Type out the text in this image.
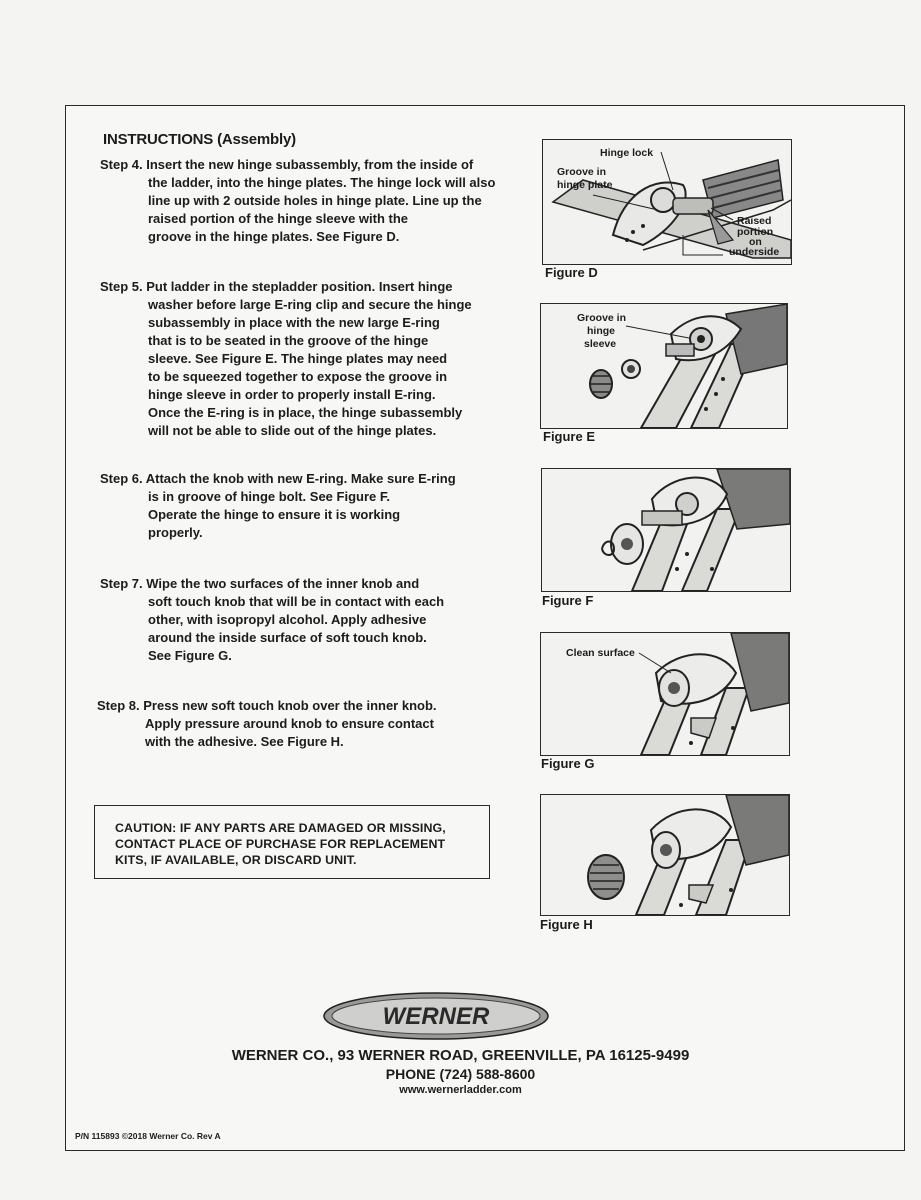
INSTRUCTIONS (Assembly)
Step 4. Insert the new hinge subassembly, from the inside of
the ladder, into the hinge plates. The hinge lock will also
line up with 2 outside holes in hinge plate. Line up the
raised portion of the hinge sleeve with the
groove in the hinge plates. See Figure D.
Step 5. Put ladder in the stepladder position. Insert hinge
washer before large E-ring clip and secure the hinge
subassembly in place with the new large E-ring
that is to be seated in the groove of the hinge
sleeve. See Figure E. The hinge plates may need
to be squeezed together to expose the groove in
hinge sleeve in order to properly install E-ring.
Once the E-ring is in place, the hinge subassembly
will not be able to slide out of the hinge plates.
Step 6. Attach the knob with new E-ring. Make sure E-ring
is in groove of hinge bolt. See Figure F.
Operate the hinge to ensure it is working
properly.
Step 7. Wipe the two surfaces of the inner knob and
soft touch knob that will be in contact with each
other, with isopropyl alcohol. Apply adhesive
around the inside surface of soft touch knob.
See Figure G.
Step 8. Press new soft touch knob over the inner knob.
Apply pressure around knob to ensure contact
with the adhesive. See Figure H.
Hinge lock
Groove in
hinge plate
Raised
portion
on
underside
Figure D
Groove in
hinge
sleeve
Figure E
Figure F
Clean surface
Figure G
Figure H
CAUTION: IF ANY PARTS ARE DAMAGED OR MISSING,
CONTACT PLACE OF PURCHASE FOR REPLACEMENT
KITS, IF AVAILABLE, OR DISCARD UNIT.
WERNER
WERNER CO., 93 WERNER ROAD, GREENVILLE, PA 16125-9499
PHONE (724) 588-8600
www.wernerladder.com
P/N 115893 ©2018 Werner Co. Rev A
